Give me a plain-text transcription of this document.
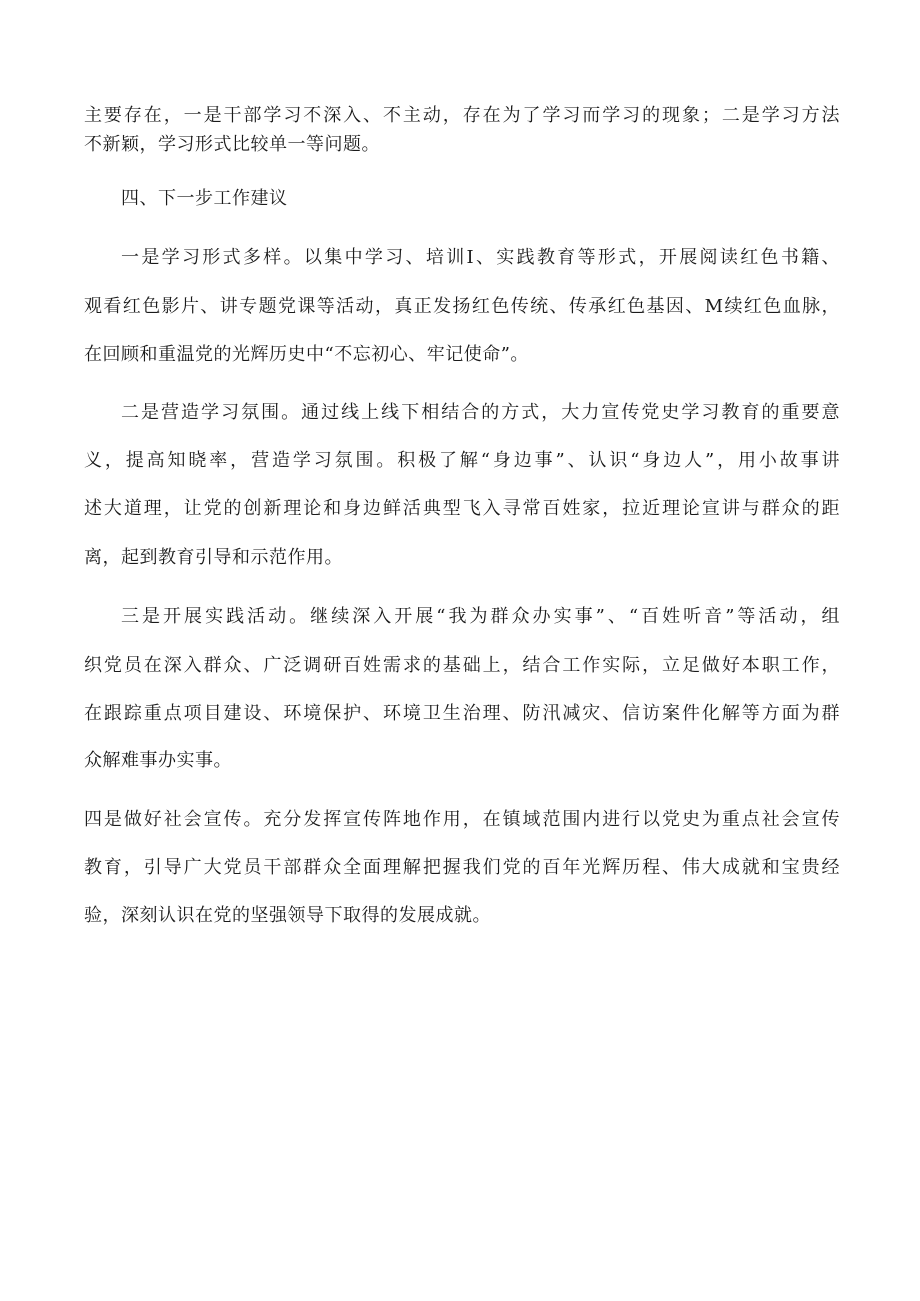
主要存在，一是干部学习不深入、不主动，存在为了学习而学习的现象；二是学习方法
不新颖，学习形式比较单一等问题。
四、下一步工作建议
一是学习形式多样。以集中学习、培训I、实践教育等形式，开展阅读红色书籍、
观看红色影片、讲专题党课等活动，真正发扬红色传统、传承红色基因、M续红色血脉，
在回顾和重温党的光辉历史中“不忘初心、牢记使命”。
二是营造学习氛围。通过线上线下相结合的方式，大力宣传党史学习教育的重要意
义，提高知晓率，营造学习氛围。积极了解“身边事”、认识“身边人”，用小故事讲
述大道理，让党的创新理论和身边鲜活典型飞入寻常百姓家，拉近理论宣讲与群众的距
离，起到教育引导和示范作用。
三是开展实践活动。继续深入开展“我为群众办实事”、“百姓听音”等活动，组
织党员在深入群众、广泛调研百姓需求的基础上，结合工作实际，立足做好本职工作，
在跟踪重点项目建设、环境保护、环境卫生治理、防汛减灾、信访案件化解等方面为群
众解难事办实事。
四是做好社会宣传。充分发挥宣传阵地作用，在镇域范围内进行以党史为重点社会宣传
教育，引导广大党员干部群众全面理解把握我们党的百年光辉历程、伟大成就和宝贵经
验，深刻认识在党的坚强领导下取得的发展成就。
